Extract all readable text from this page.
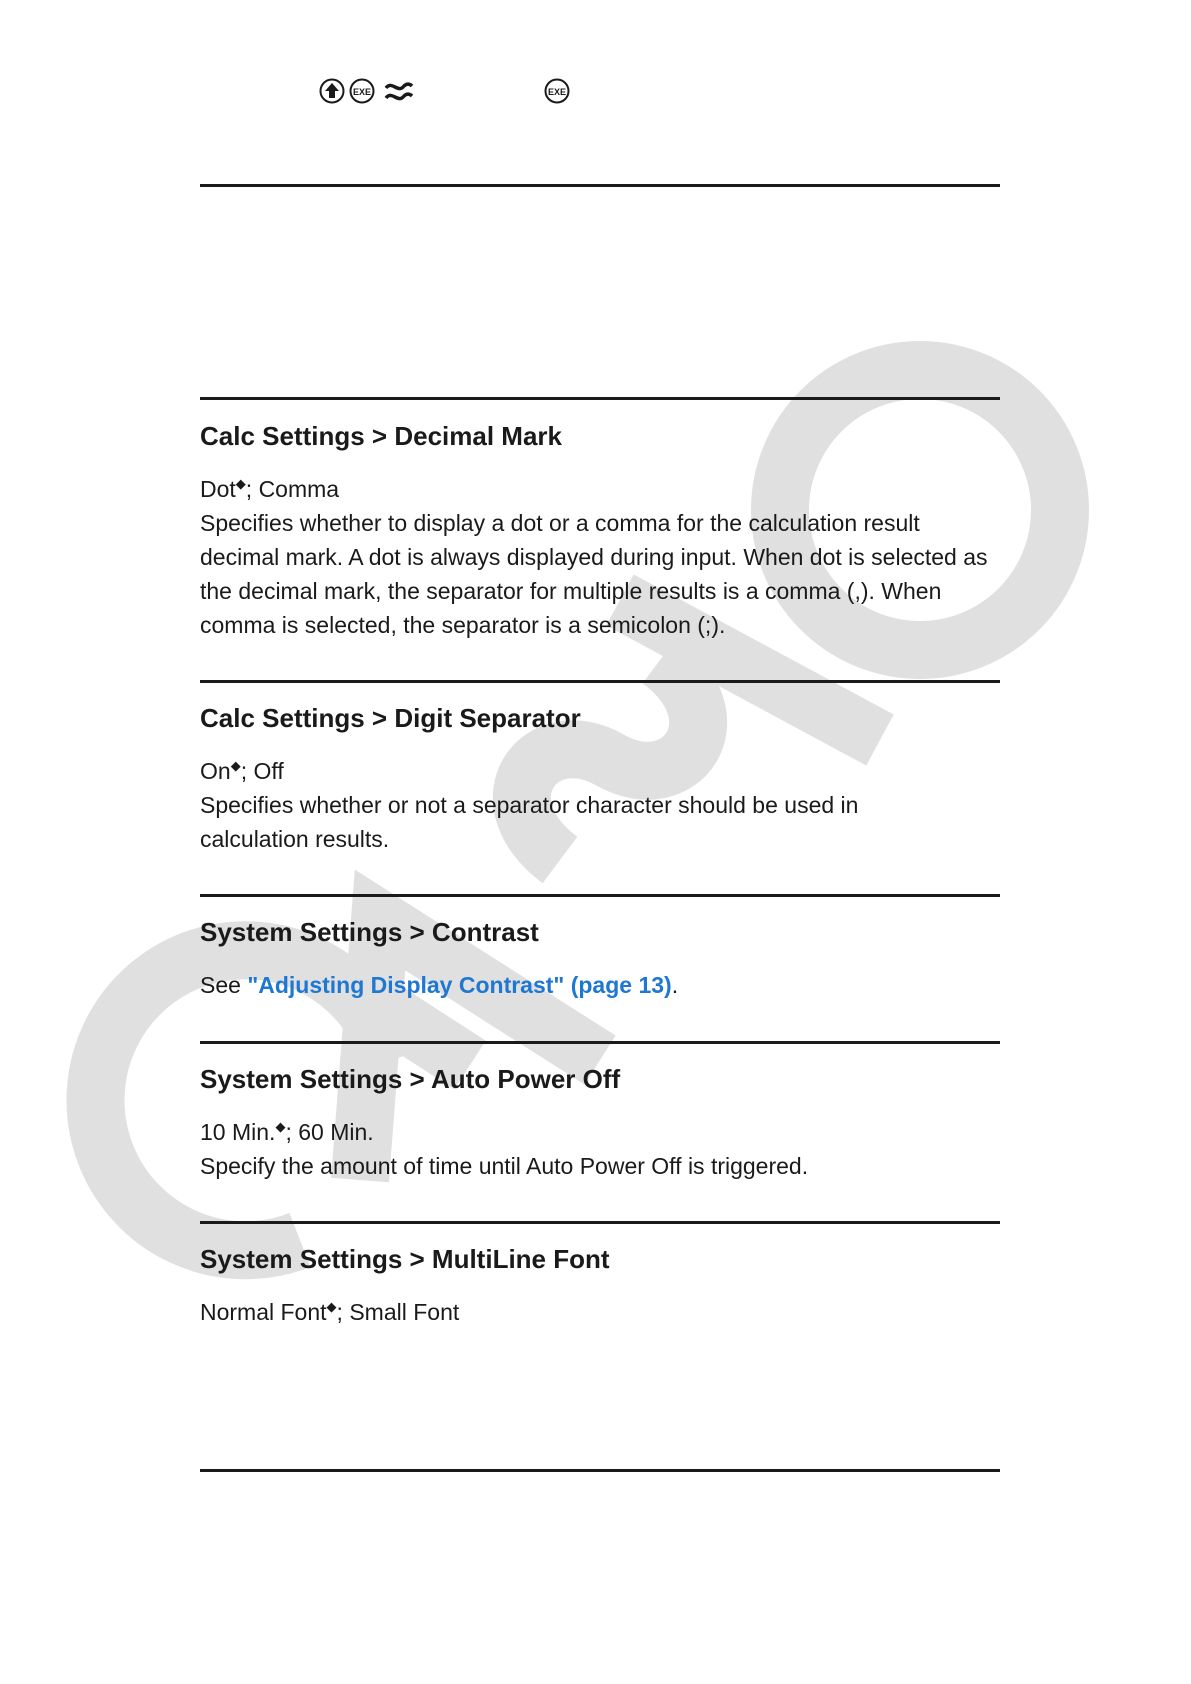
EXE	EXE
Calc Settings > Decimal Mark
Dot◆; Comma
Specifies whether to display a dot or a comma for the calculation result decimal mark. A dot is always displayed during input. When dot is selected as the decimal mark, the separator for multiple results is a comma (,). When comma is selected, the separator is a semicolon (;).
Calc Settings > Digit Separator
On◆; Off
Specifies whether or not a separator character should be used in calculation results.
System Settings > Contrast
See "Adjusting Display Contrast" (page 13).
System Settings > Auto Power Off
10 Min.◆; 60 Min.
Specify the amount of time until Auto Power Off is triggered.
System Settings > MultiLine Font
Normal Font◆; Small Font
